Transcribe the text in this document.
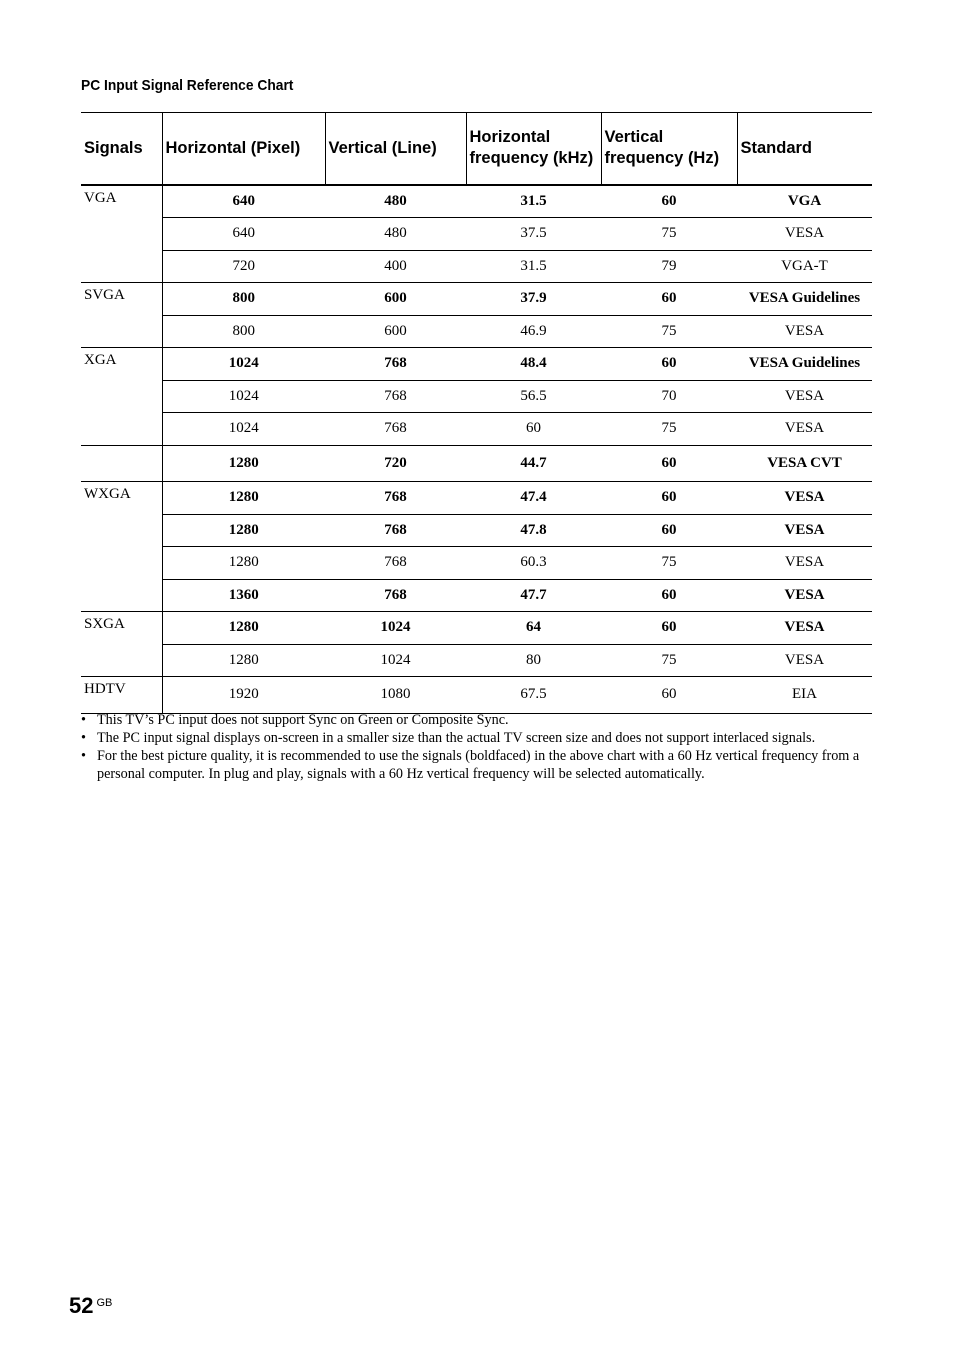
PC Input Signal Reference Chart
Signals	Horizontal (Pixel)	Vertical (Line)	Horizontal frequency (kHz)	Vertical frequency (Hz)	Standard
VGA	640	480	31.5	60	VGA
	640	480	37.5	75	VESA
	720	400	31.5	79	VGA-T
SVGA	800	600	37.9	60	VESA Guidelines
	800	600	46.9	75	VESA
XGA	1024	768	48.4	60	VESA Guidelines
	1024	768	56.5	70	VESA
	1024	768	60	75	VESA
	1280	720	44.7	60	VESA CVT
WXGA	1280	768	47.4	60	VESA
	1280	768	47.8	60	VESA
	1280	768	60.3	75	VESA
	1360	768	47.7	60	VESA
SXGA	1280	1024	64	60	VESA
	1280	1024	80	75	VESA
HDTV	1920	1080	67.5	60	EIA
• This TV’s PC input does not support Sync on Green or Composite Sync.
• The PC input signal displays on-screen in a smaller size than the actual TV screen size and does not support interlaced signals.
• For the best picture quality, it is recommended to use the signals (boldfaced) in the above chart with a 60 Hz vertical frequency from a personal computer. In plug and play, signals with a 60 Hz vertical frequency will be selected automatically.
52 $^{GB}$
